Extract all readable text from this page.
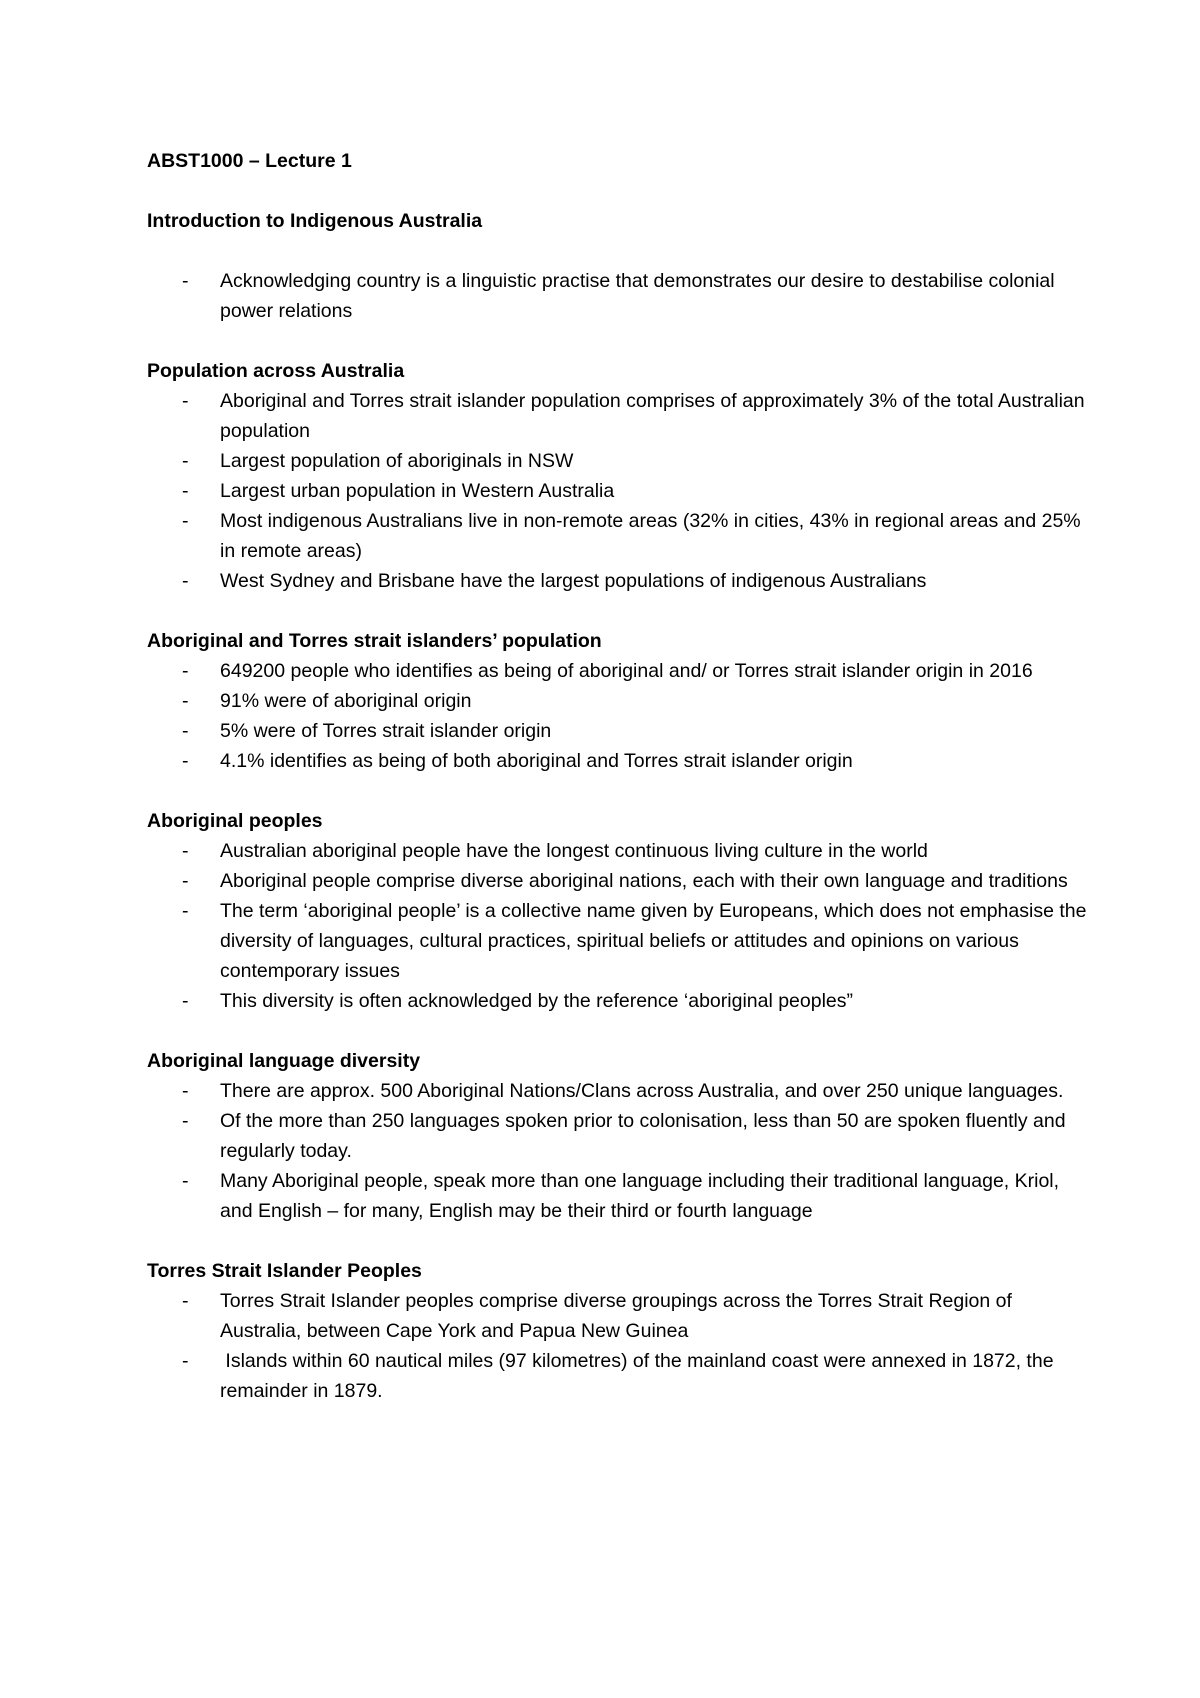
ABST1000 – Lecture 1

Introduction to Indigenous Australia

- Acknowledging country is a linguistic practise that demonstrates our desire to destabilise colonial power relations

Population across Australia

- Aboriginal and Torres strait islander population comprises of approximately 3% of the total Australian population
- Largest population of aboriginals in NSW
- Largest urban population in Western Australia
- Most indigenous Australians live in non-remote areas (32% in cities, 43% in regional areas and 25% in remote areas)
- West Sydney and Brisbane have the largest populations of indigenous Australians

Aboriginal and Torres strait islanders’ population

- 649200 people who identifies as being of aboriginal and/ or Torres strait islander origin in 2016
- 91% were of aboriginal origin
- 5% were of Torres strait islander origin
- 4.1% identifies as being of both aboriginal and Torres strait islander origin

Aboriginal peoples

- Australian aboriginal people have the longest continuous living culture in the world
- Aboriginal people comprise diverse aboriginal nations, each with their own language and traditions
- The term ‘aboriginal people’ is a collective name given by Europeans, which does not emphasise the diversity of languages, cultural practices, spiritual beliefs or attitudes and opinions on various contemporary issues
- This diversity is often acknowledged by the reference ‘aboriginal peoples”

Aboriginal language diversity

- There are approx. 500 Aboriginal Nations/Clans across Australia, and over 250 unique languages.
- Of the more than 250 languages spoken prior to colonisation, less than 50 are spoken fluently and regularly today.
- Many Aboriginal people, speak more than one language including their traditional language, Kriol, and English – for many, English may be their third or fourth language

Torres Strait Islander Peoples

- Torres Strait Islander peoples comprise diverse groupings across the Torres Strait Region of Australia, between Cape York and Papua New Guinea
- Islands within 60 nautical miles (97 kilometres) of the mainland coast were annexed in 1872, the remainder in 1879.
